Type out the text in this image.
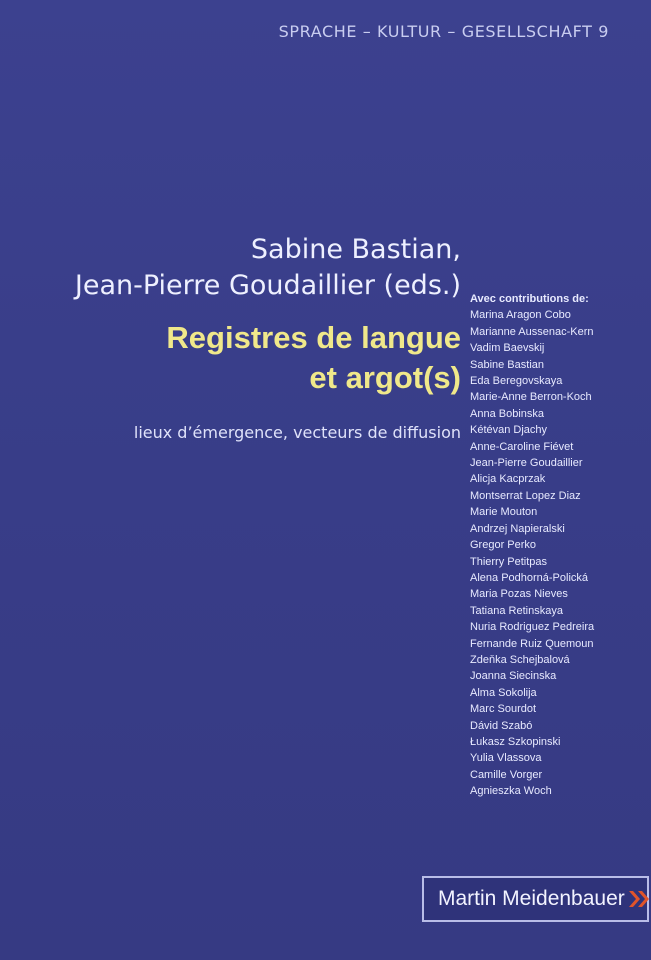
SPRACHE – KULTUR – GESELLSCHAFT 9
Sabine Bastian,
Jean-Pierre Goudaillier (eds.)
Registres de langue
et argot(s)
lieux d’émergence, vecteurs de diffusion
Avec contributions de:
Marina Aragon Cobo
Marianne Aussenac-Kern
Vadim Baevskij
Sabine Bastian
Eda Beregovskaya
Marie-Anne Berron-Koch
Anna Bobinska
Kétévan Djachy
Anne-Caroline Fiévet
Jean-Pierre Goudaillier
Alicja Kacprzak
Montserrat Lopez Diaz
Marie Mouton
Andrzej Napieralski
Gregor Perko
Thierry Petitpas
Alena Podhorná-Polická
Maria Pozas Nieves
Tatiana Retinskaya
Nuria Rodriguez Pedreira
Fernande Ruiz Quemoun
Zdeňka Schejbalová
Joanna Siecinska
Alma Sokolija
Marc Sourdot
Dávid Szabó
Łukasz Szkopinski
Yulia Vlassova
Camille Vorger
Agnieszka Woch
Martin Meidenbauer
